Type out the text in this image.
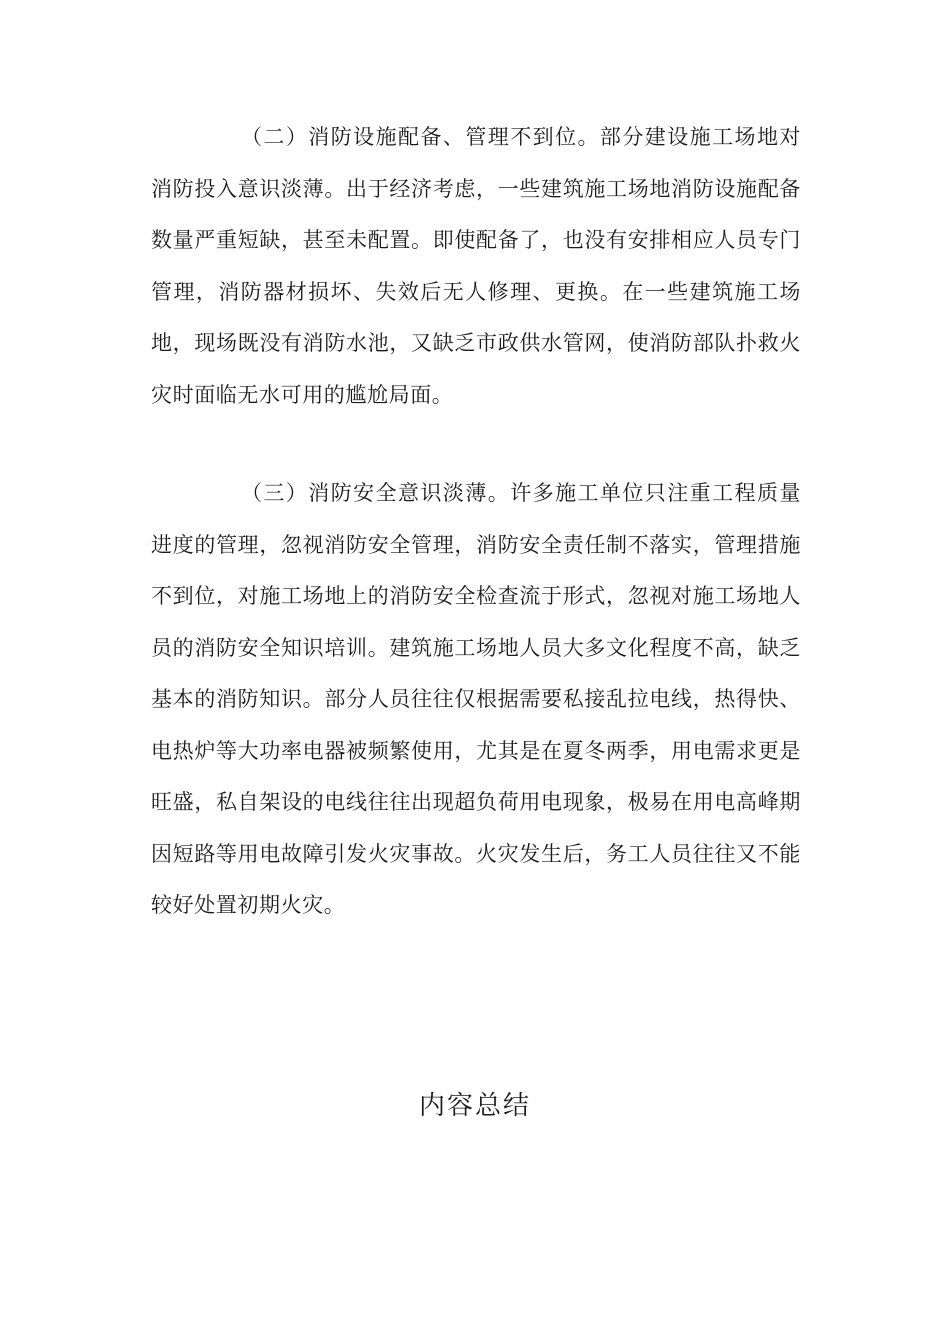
（二）消防设施配备、管理不到位。部分建设施工场地对消防投入意识淡薄。出于经济考虑，一些建筑施工场地消防设施配备数量严重短缺，甚至未配置。即使配备了，也没有安排相应人员专门管理，消防器材损坏、失效后无人修理、更换。在一些建筑施工场地，现场既没有消防水池，又缺乏市政供水管网，使消防部队扑救火灾时面临无水可用的尴尬局面。

（三）消防安全意识淡薄。许多施工单位只注重工程质量进度的管理，忽视消防安全管理，消防安全责任制不落实，管理措施不到位，对施工场地上的消防安全检查流于形式，忽视对施工场地人员的消防安全知识培训。建筑施工场地人员大多文化程度不高，缺乏基本的消防知识。部分人员往往仅根据需要私接乱拉电线，热得快、电热炉等大功率电器被频繁使用，尤其是在夏冬两季，用电需求更是旺盛，私自架设的电线往往出现超负荷用电现象，极易在用电高峰期因短路等用电故障引发火灾事故。火灾发生后，务工人员往往又不能较好处置初期火灾。

内容总结
